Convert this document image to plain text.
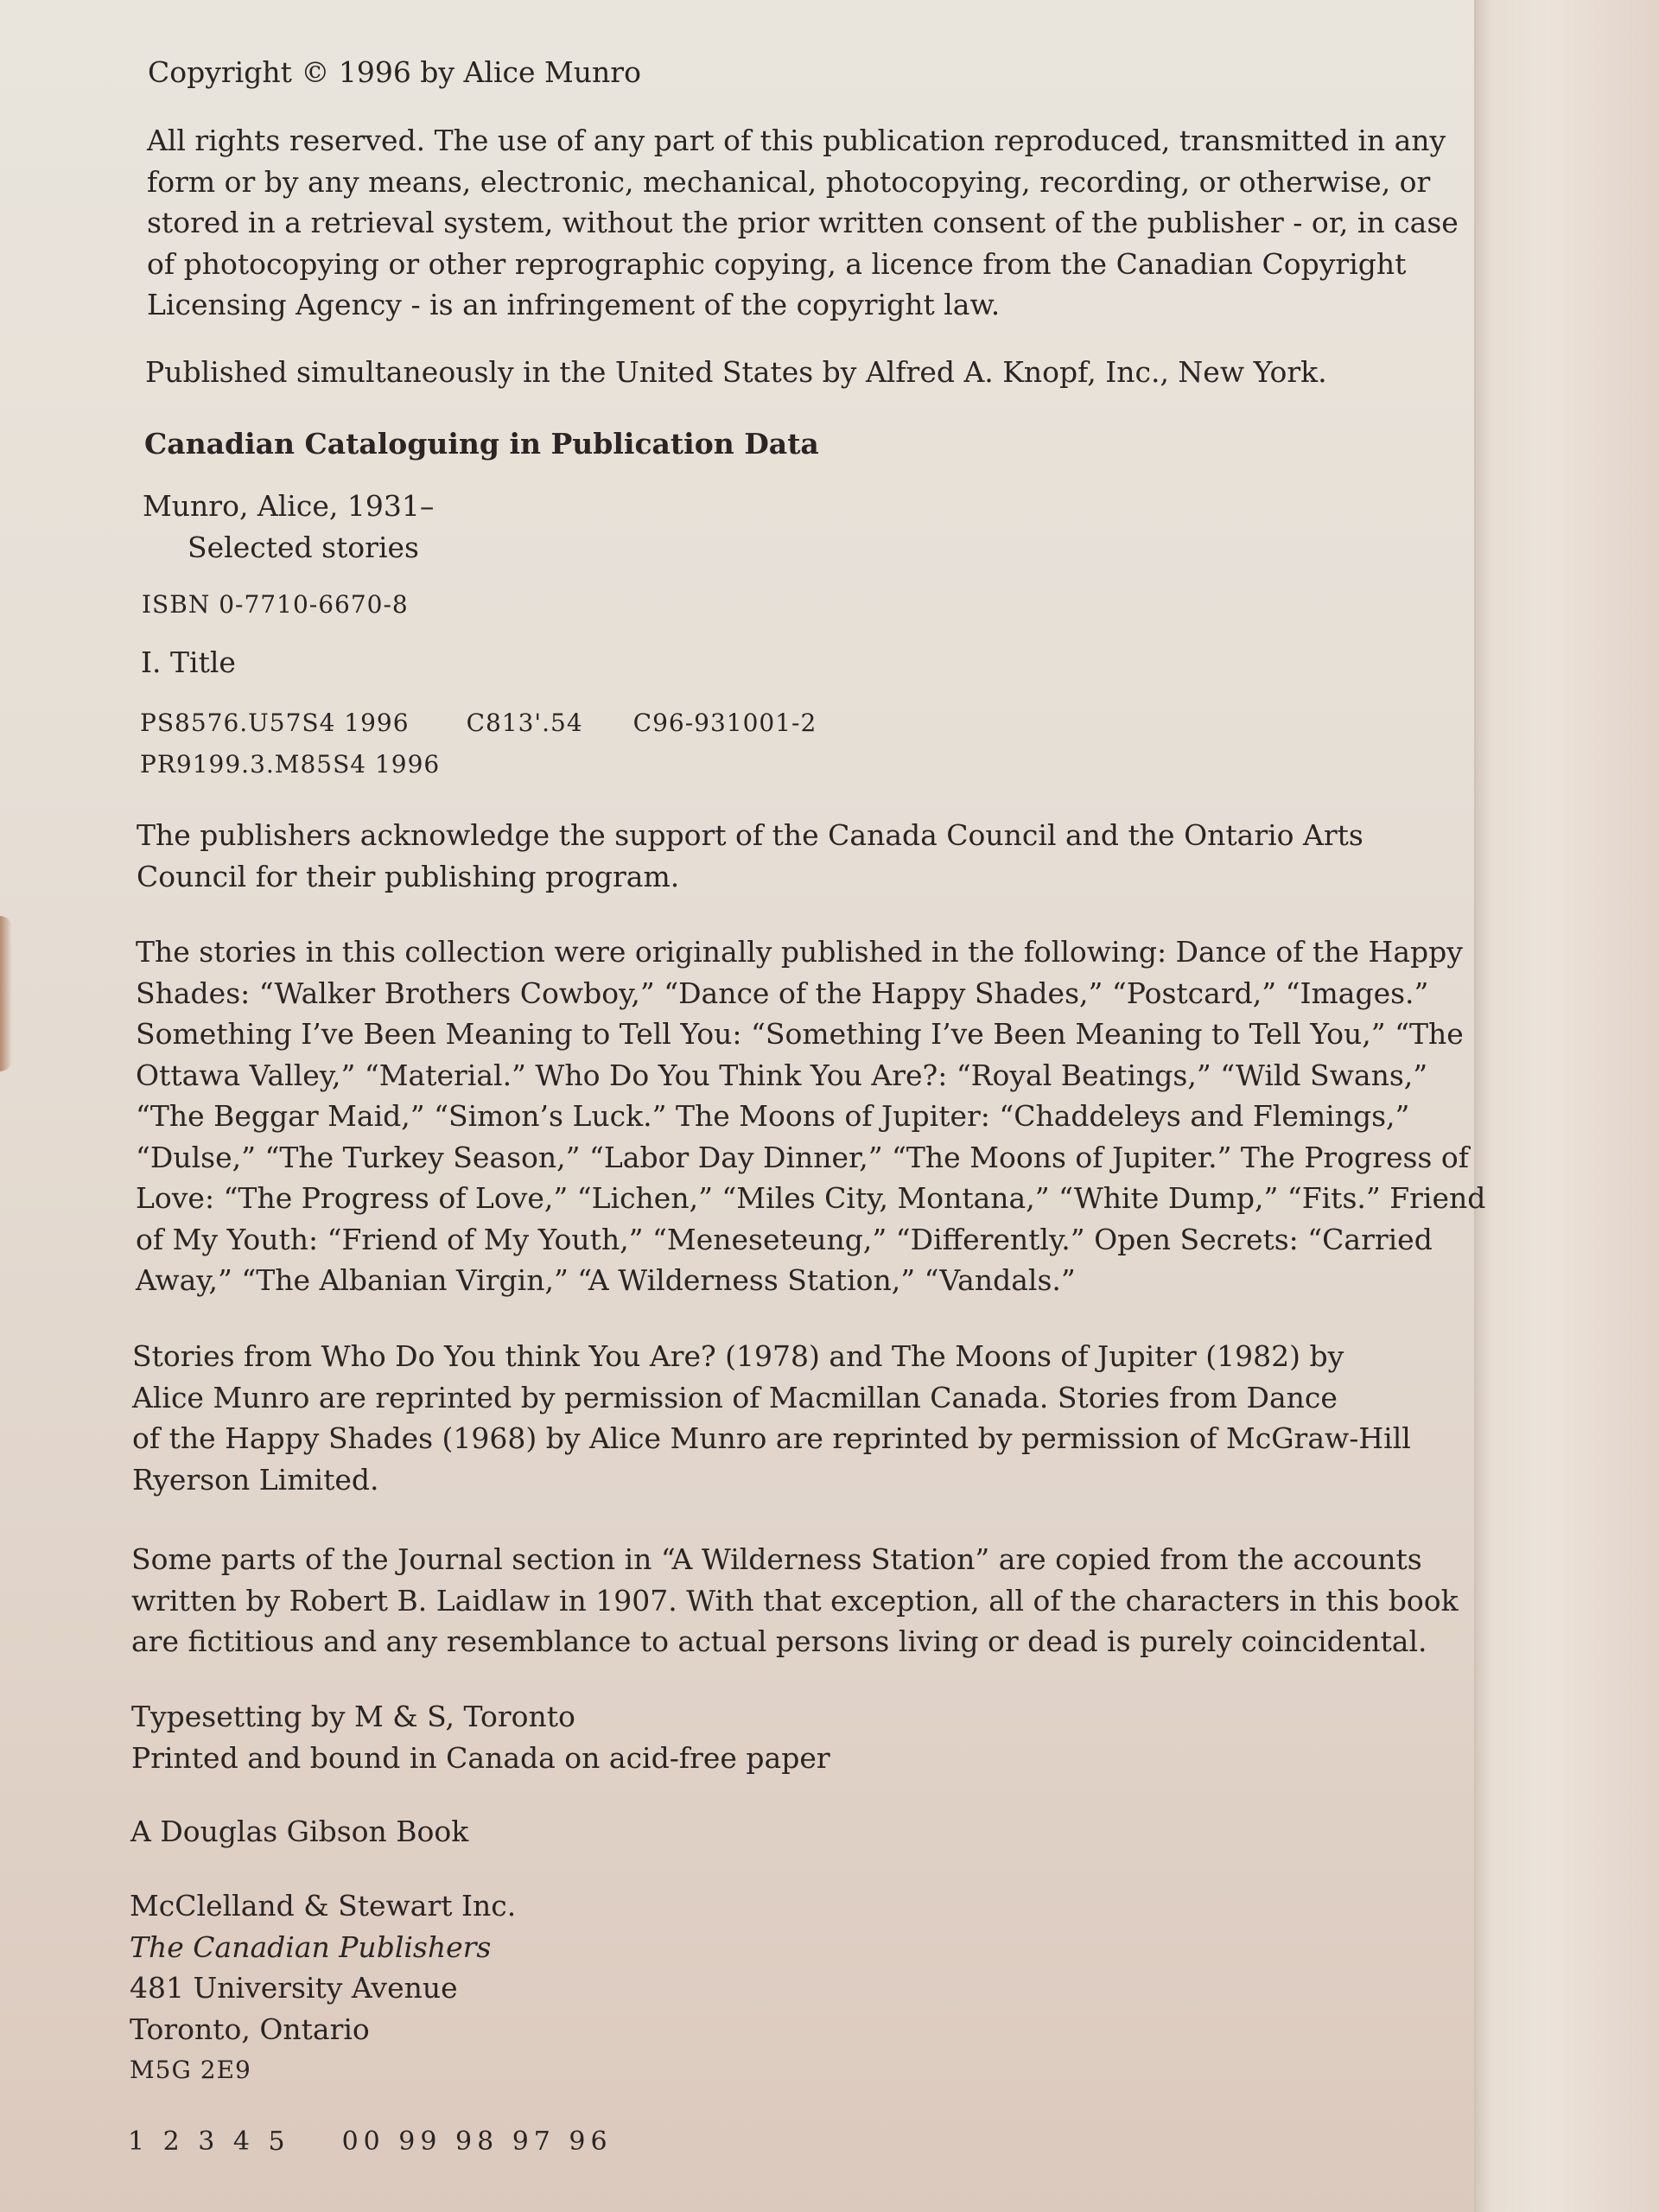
Copyright © 1996 by Alice Munro

All rights reserved. The use of any part of this publication reproduced, transmitted in any
form or by any means, electronic, mechanical, photocopying, recording, or otherwise, or
stored in a retrieval system, without the prior written consent of the publisher - or, in case
of photocopying or other reprographic copying, a licence from the Canadian Copyright
Licensing Agency - is an infringement of the copyright law.

Published simultaneously in the United States by Alfred A. Knopf, Inc., New York.

Canadian Cataloguing in Publication Data

Munro, Alice, 1931–
Selected stories

ISBN 0-7710-6670-8

I. Title

PS8576.U57S4 1996 C813'.54 C96-931001-2
PR9199.3.M85S4 1996

The publishers acknowledge the support of the Canada Council and the Ontario Arts
Council for their publishing program.

The stories in this collection were originally published in the following: Dance of the Happy
Shades: “Walker Brothers Cowboy,” “Dance of the Happy Shades,” “Postcard,” “Images.”
Something I’ve Been Meaning to Tell You: “Something I’ve Been Meaning to Tell You,” “The
Ottawa Valley,” “Material.” Who Do You Think You Are?: “Royal Beatings,” “Wild Swans,”
“The Beggar Maid,” “Simon’s Luck.” The Moons of Jupiter: “Chaddeleys and Flemings,”
“Dulse,” “The Turkey Season,” “Labor Day Dinner,” “The Moons of Jupiter.” The Progress of
Love: “The Progress of Love,” “Lichen,” “Miles City, Montana,” “White Dump,” “Fits.” Friend
of My Youth: “Friend of My Youth,” “Meneseteung,” “Differently.” Open Secrets: “Carried
Away,” “The Albanian Virgin,” “A Wilderness Station,” “Vandals.”

Stories from Who Do You think You Are? (1978) and The Moons of Jupiter (1982) by
Alice Munro are reprinted by permission of Macmillan Canada. Stories from Dance
of the Happy Shades (1968) by Alice Munro are reprinted by permission of McGraw-Hill
Ryerson Limited.

Some parts of the Journal section in “A Wilderness Station” are copied from the accounts
written by Robert B. Laidlaw in 1907. With that exception, all of the characters in this book
are fictitious and any resemblance to actual persons living or dead is purely coincidental.

Typesetting by M & S, Toronto
Printed and bound in Canada on acid-free paper

A Douglas Gibson Book

McClelland & Stewart Inc.
The Canadian Publishers
481 University Avenue
Toronto, Ontario
M5G 2E9
1 2 3 4 5 00 99 98 97 96
